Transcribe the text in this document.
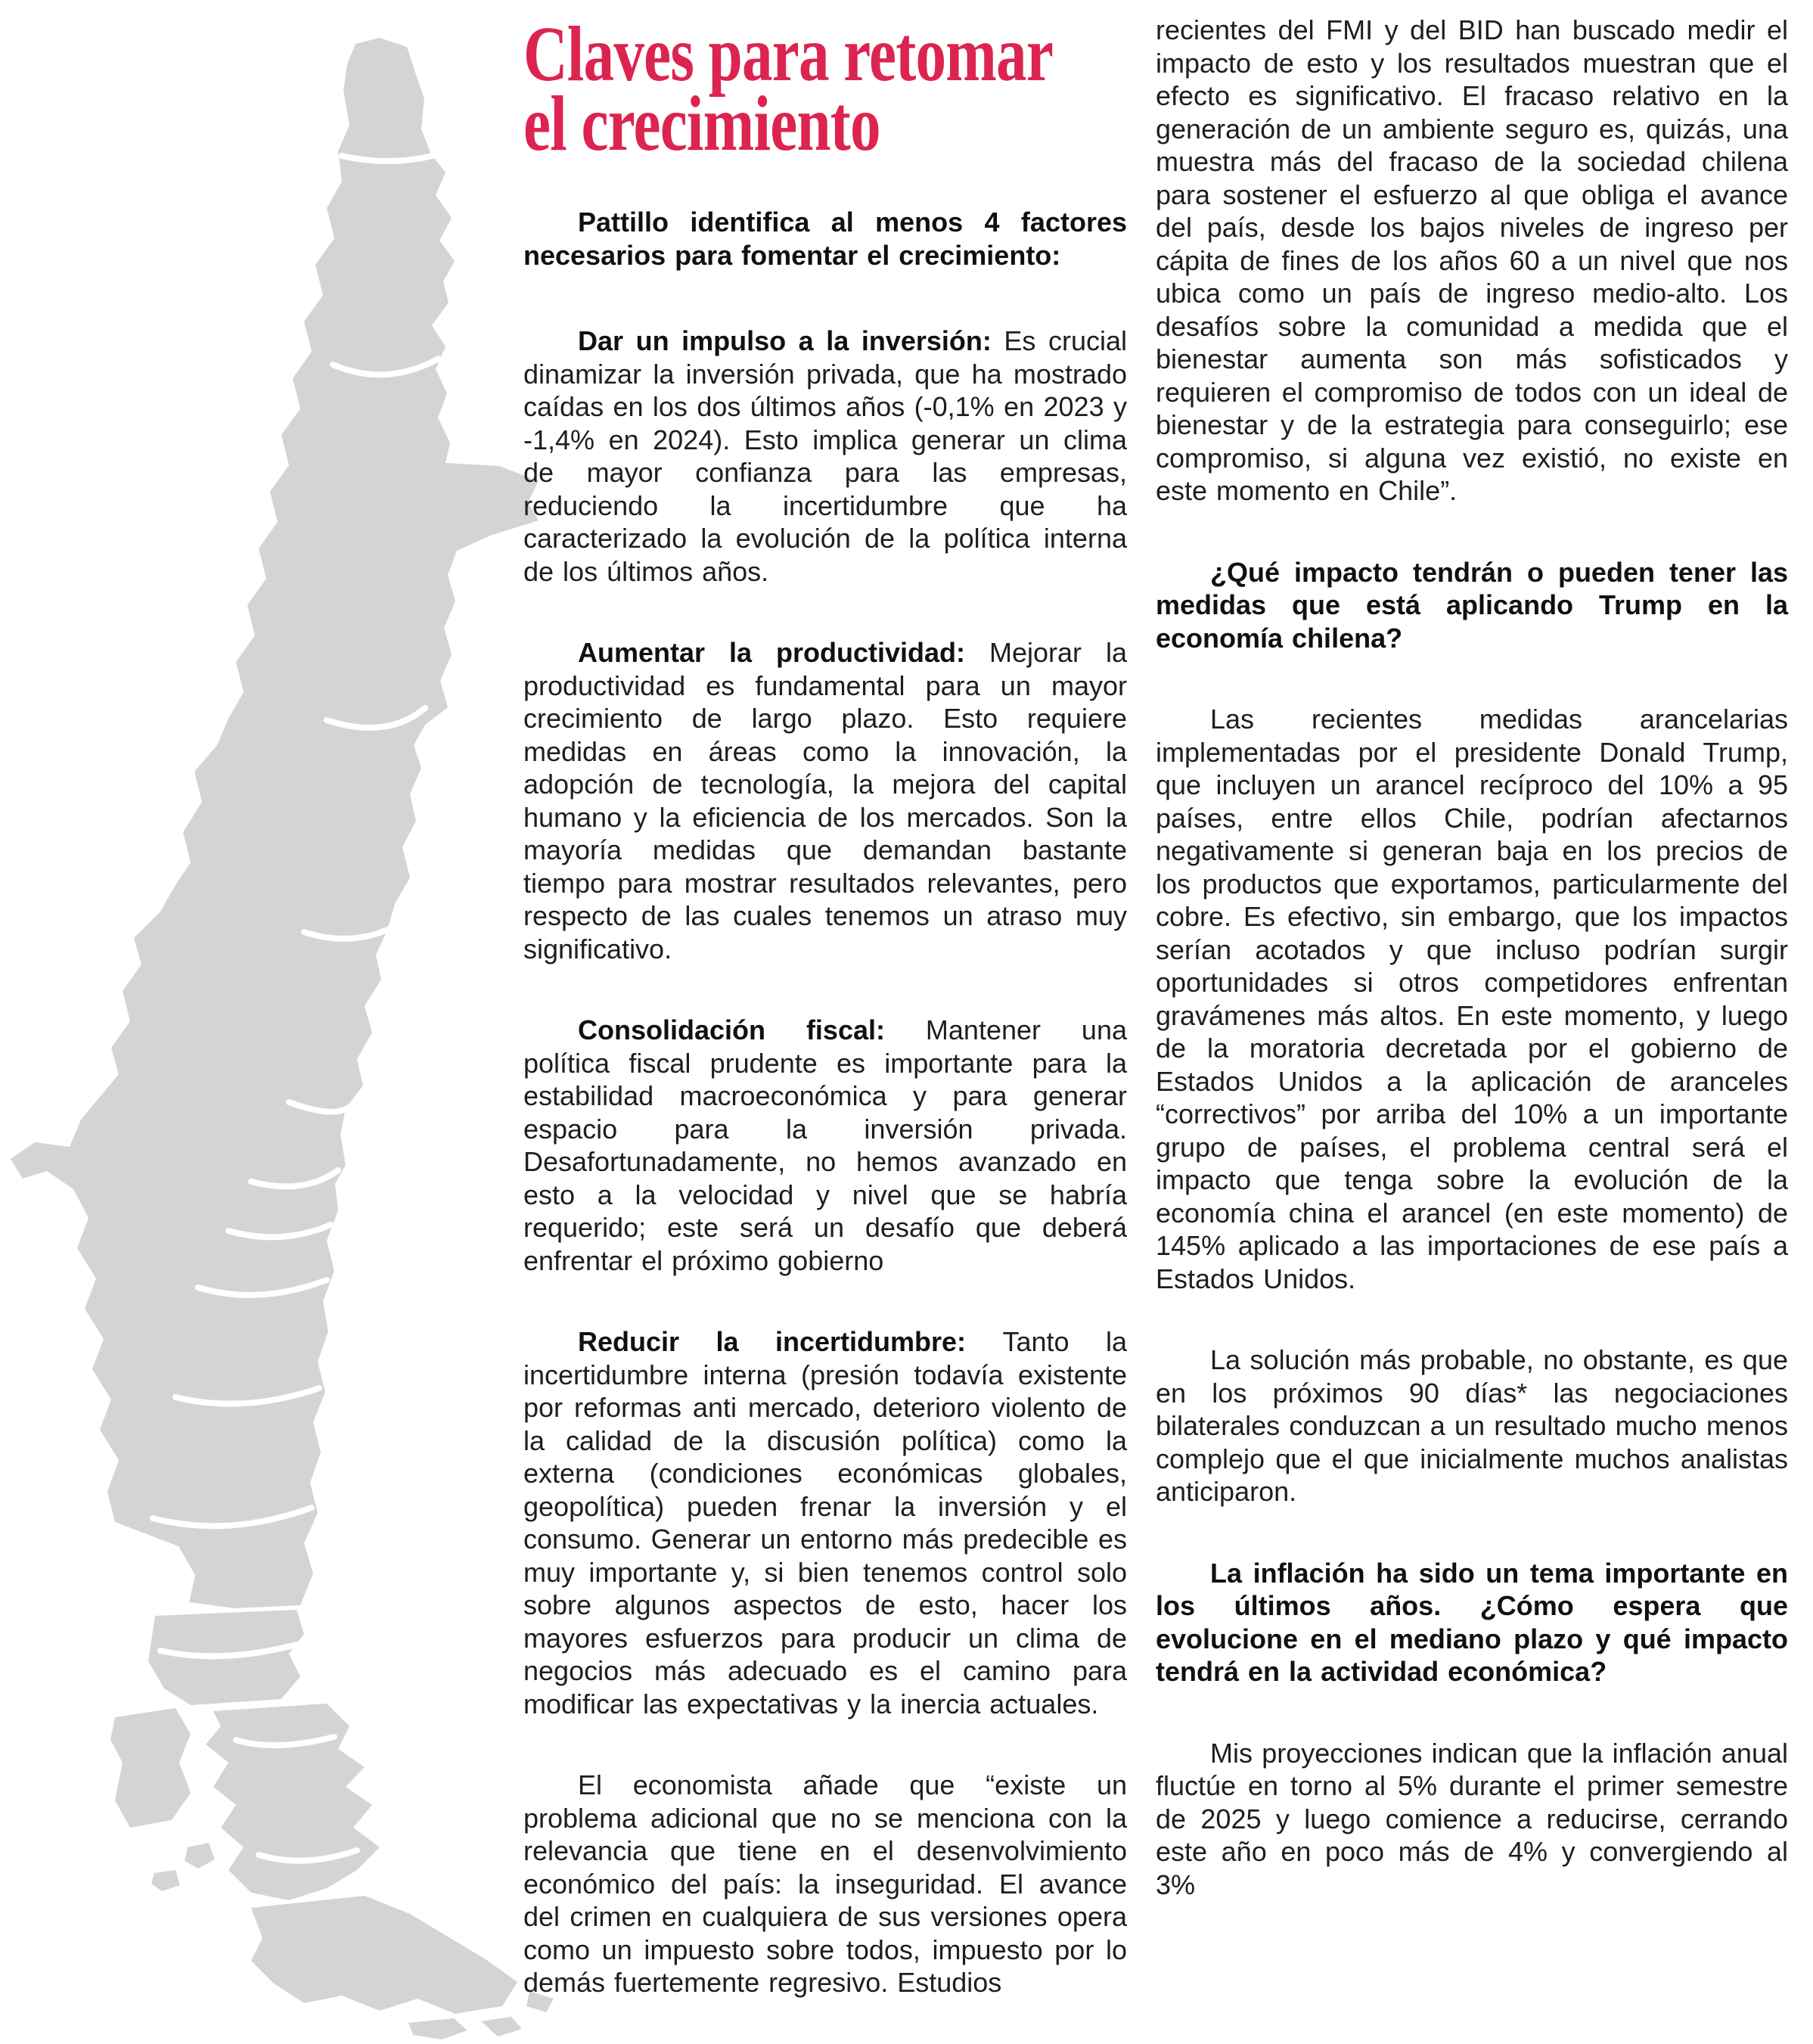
Claves para retomar
el crecimiento

Pattillo identifica al menos 4 factores necesarios para fomentar el crecimiento:

Dar un impulso a la inversión: Es crucial dinamizar la inversión privada, que ha mostrado caídas en los dos últimos años (-0,1% en 2023 y -1,4% en 2024). Esto implica generar un clima de mayor confianza para las empresas, reduciendo la incertidumbre que ha caracterizado la evolución de la política interna de los últimos años.

Aumentar la productividad: Mejorar la productividad es fundamental para un mayor crecimiento de largo plazo. Esto requiere medidas en áreas como la innovación, la adopción de tecnología, la mejora del capital humano y la eficiencia de los mercados. Son la mayoría medidas que demandan bastante tiempo para mostrar resultados relevantes, pero respecto de las cuales tenemos un atraso muy significativo.

Consolidación fiscal: Mantener una política fiscal prudente es importante para la estabilidad macroeconómica y para generar espacio para la inversión privada. Desafortunadamente, no hemos avanzado en esto a la velocidad y nivel que se habría requerido; este será un desafío que deberá enfrentar el próximo gobierno

Reducir la incertidumbre: Tanto la incertidumbre interna (presión todavía existente por reformas anti mercado, deterioro violento de la calidad de la discusión política) como la externa (condiciones económicas globales, geopolítica) pueden frenar la inversión y el consumo. Generar un entorno más predecible es muy importante y, si bien tenemos control solo sobre algunos aspectos de esto, hacer los mayores esfuerzos para producir un clima de negocios más adecuado es el camino para modificar las expectativas y la inercia actuales.

El economista añade que “existe un problema adicional que no se menciona con la relevancia que tiene en el desenvolvimiento económico del país: la inseguridad. El avance del crimen en cualquiera de sus versiones opera como un impuesto sobre todos, impuesto por lo demás fuertemente regresivo. Estudios

recientes del FMI y del BID han buscado medir el impacto de esto y los resultados muestran que el efecto es significativo. El fracaso relativo en la generación de un ambiente seguro es, quizás, una muestra más del fracaso de la sociedad chilena para sostener el esfuerzo al que obliga el avance del país, desde los bajos niveles de ingreso per cápita de fines de los años 60 a un nivel que nos ubica como un país de ingreso medio-alto. Los desafíos sobre la comunidad a medida que el bienestar aumenta son más sofisticados y requieren el compromiso de todos con un ideal de bienestar y de la estrategia para conseguirlo; ese compromiso, si alguna vez existió, no existe en este momento en Chile”.

¿Qué impacto tendrán o pueden tener las medidas que está aplicando Trump en la economía chilena?

Las recientes medidas arancelarias implementadas por el presidente Donald Trump, que incluyen un arancel recíproco del 10% a 95 países, entre ellos Chile, podrían afectarnos negativamente si generan baja en los precios de los productos que exportamos, particularmente del cobre. Es efectivo, sin embargo, que los impactos serían acotados y que incluso podrían surgir oportunidades si otros competidores enfrentan gravámenes más altos. En este momento, y luego de la moratoria decretada por el gobierno de Estados Unidos a la aplicación de aranceles “correctivos” por arriba del 10% a un importante grupo de países, el problema central será el impacto que tenga sobre la evolución de la economía china el arancel (en este momento) de 145% aplicado a las importaciones de ese país a Estados Unidos.

La solución más probable, no obstante, es que en los próximos 90 días* las negociaciones bilaterales conduzcan a un resultado mucho menos complejo que el que inicialmente muchos analistas anticiparon.

La inflación ha sido un tema importante en los últimos años. ¿Cómo espera que evolucione en el mediano plazo y qué impacto tendrá en la actividad económica?

Mis proyecciones indican que la inflación anual fluctúe en torno al 5% durante el primer semestre de 2025 y luego comience a reducirse, cerrando este año en poco más de 4% y convergiendo al 3%
